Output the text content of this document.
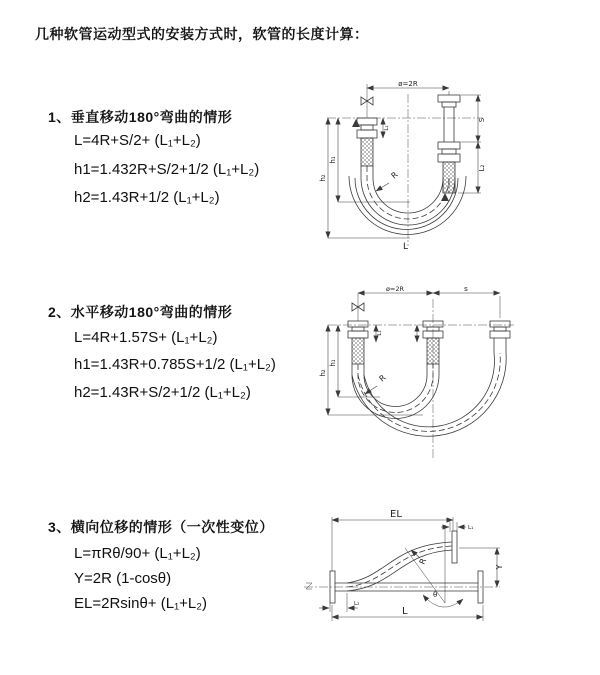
几种软管运动型式的安装方式时，软管的长度计算：
1、垂直移动180°弯曲的情形
L=4R+S/2+ (L₁+L₂)
h1=1.432R+S/2+1/2 (L₁+L₂)
h2=1.43R+1/2 (L₁+L₂)
2、水平移动180°弯曲的情形
L=4R+1.57S+ (L₁+L₂)
h1=1.43R+0.785S+1/2 (L₁+L₂)
h2=1.43R+S/2+1/2 (L₁+L₂)
3、横向位移的情形（一次性变位）
L=πRθ/90+ (L₁+L₂)
Y=2R (1-cosθ)
EL=2Rsinθ+ (L₁+L₂)
ø=2R
S
L₂
L₁
h₁
h₂	R
L
ø=2R	s
L₁
h₁
h₂
R
EL
L₁
Y
L
L₂
R
θ
